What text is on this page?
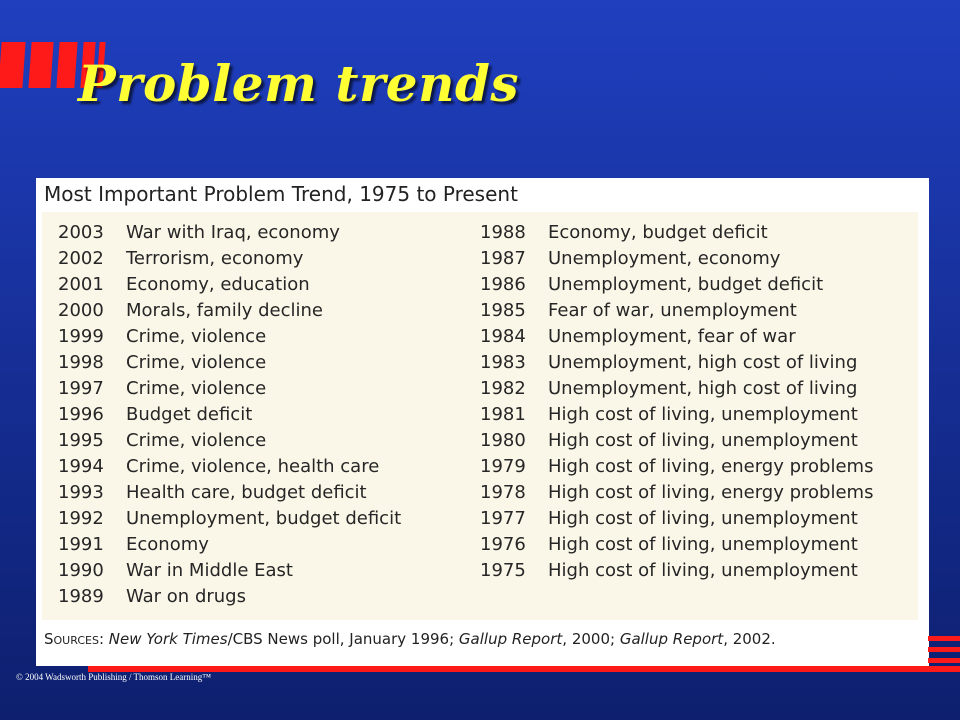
Problem trends
Most Important Problem Trend, 1975 to Present
2003	War with Iraq, economy
2002	Terrorism, economy
2001	Economy, education
2000	Morals, family decline
1999	Crime, violence
1998	Crime, violence
1997	Crime, violence
1996	Budget deficit
1995	Crime, violence
1994	Crime, violence, health care
1993	Health care, budget deficit
1992	Unemployment, budget deficit
1991	Economy
1990	War in Middle East
1989	War on drugs
1988	Economy, budget deficit
1987	Unemployment, economy
1986	Unemployment, budget deficit
1985	Fear of war, unemployment
1984	Unemployment, fear of war
1983	Unemployment, high cost of living
1982	Unemployment, high cost of living
1981	High cost of living, unemployment
1980	High cost of living, unemployment
1979	High cost of living, energy problems
1978	High cost of living, energy problems
1977	High cost of living, unemployment
1976	High cost of living, unemployment
1975	High cost of living, unemployment
Sources: New York Times/CBS News poll, January 1996; Gallup Report, 2000; Gallup Report, 2002.
© 2004 Wadsworth Publishing / Thomson Learning™
